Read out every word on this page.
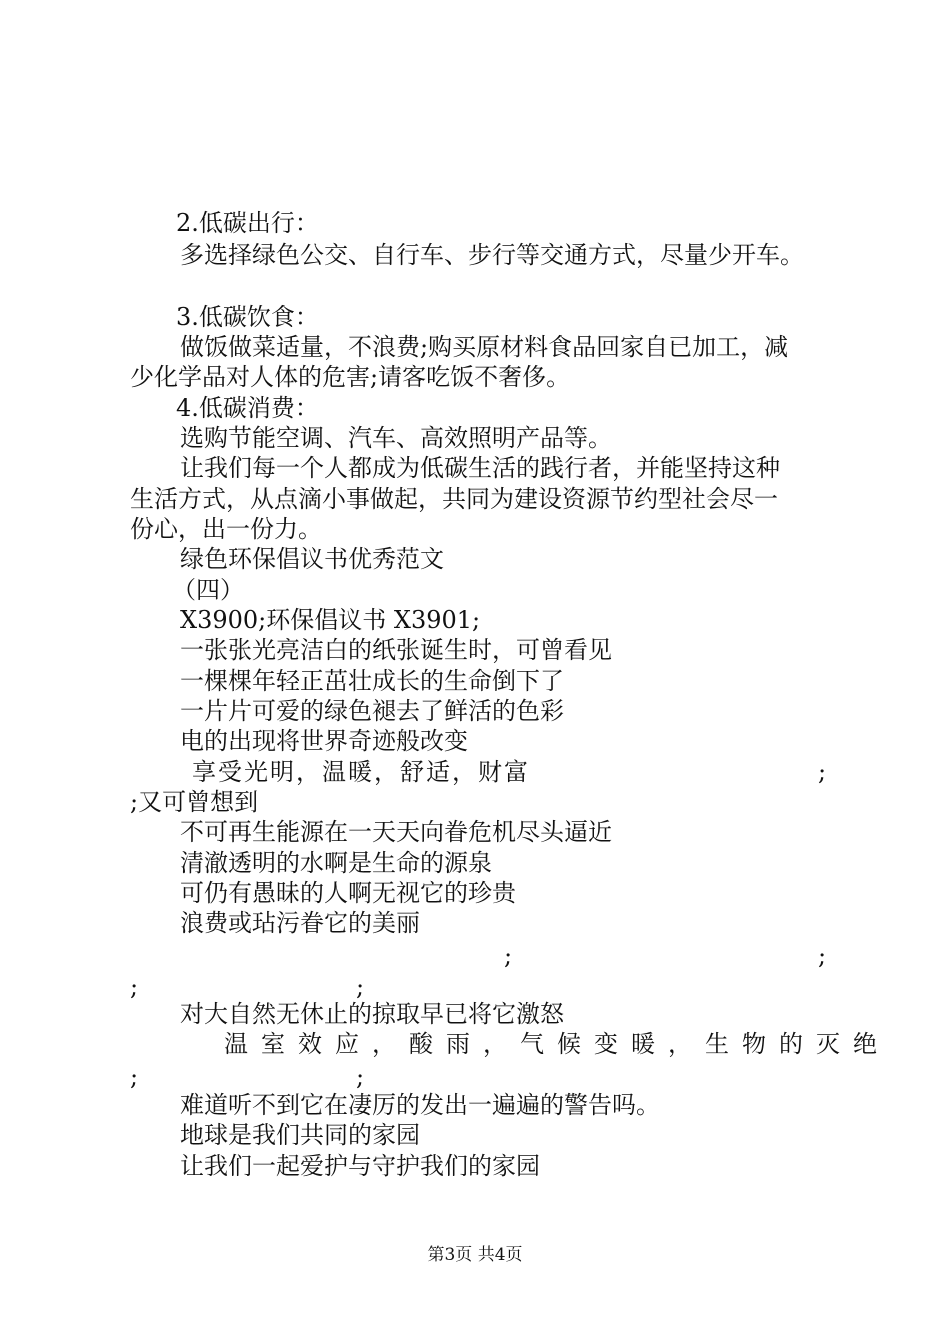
2.低碳出行：

多选择绿色公交、自行车、步行等交通方式，尽量少开车。

3.低碳饮食：

做饭做菜适量，不浪费;购买原材料食品回家自已加工，减

少化学品对人体的危害;请客吃饭不奢侈。

4.低碳消费：

选购节能空调、汽车、高效照明产品等。

让我们每一个人都成为低碳生活的践行者，并能坚持这种

生活方式，从点滴小事做起，共同为建设资源节约型社会尽一

份心，出一份力。

绿色环保倡议书优秀范文

（四）

X3900;环保倡议书 X3901;

一张张光亮洁白的纸张诞生时，可曾看见

一棵棵年轻正茁壮成长的生命倒下了

一片片可爱的绿色褪去了鲜活的色彩

电的出现将世界奇迹般改变

享受光明，温暖，舒适，财富	;

;又可曾想到

不可再生能源在一天天向眷危机尽头逼近

清澈透明的水啊是生命的源泉

可仍有愚昧的人啊无视它的珍贵

浪费或玷污眷它的美丽

;	;
;	;

对大自然无休止的掠取早已将它激怒

温室效应，酸雨，气候变暖，生物的灭绝

;	;

难道听不到它在凄厉的发出一遍遍的警告吗。

地球是我们共同的家园

让我们一起爱护与守护我们的家园

第3页 共4页
